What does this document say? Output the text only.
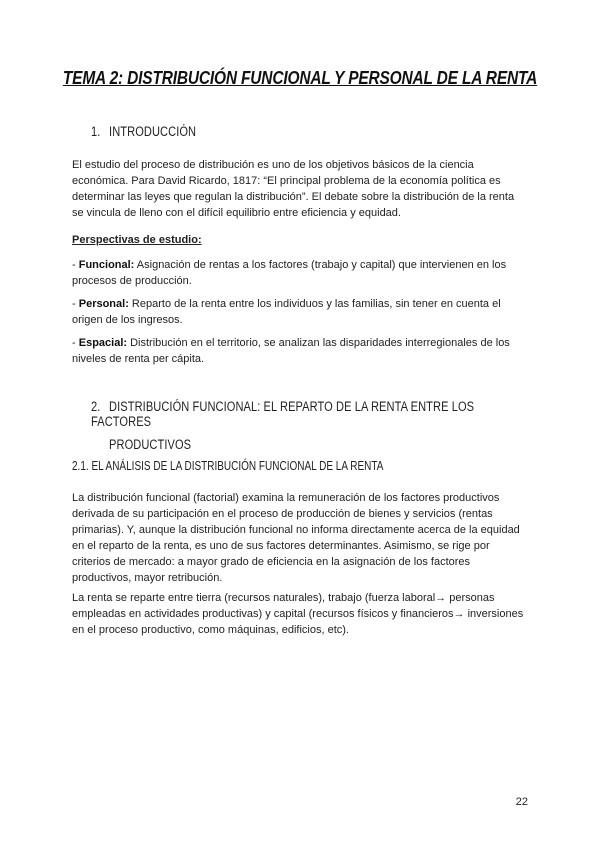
TEMA 2: DISTRIBUCIÓN FUNCIONAL Y PERSONAL DE LA RENTA
1. INTRODUCCIÓN

El estudio del proceso de distribución es uno de los objetivos básicos de la ciencia económica. Para David Ricardo, 1817: “El principal problema de la economía política es determinar las leyes que regulan la distribución”. El debate sobre la distribución de la renta se vincula de lleno con el difícil equilibrio entre eficiencia y equidad.

Perspectivas de estudio:

- Funcional: Asignación de rentas a los factores (trabajo y capital) que intervienen en los procesos de producción.

- Personal: Reparto de la renta entre los individuos y las familias, sin tener en cuenta el origen de los ingresos.

- Espacial: Distribución en el territorio, se analizan las disparidades interregionales de los niveles de renta per cápita.

2. DISTRIBUCIÓN FUNCIONAL: EL REPARTO DE LA RENTA ENTRE LOS FACTORES
PRODUCTIVOS
2.1. EL ANÁLISIS DE LA DISTRIBUCIÓN FUNCIONAL DE LA RENTA

La distribución funcional (factorial) examina la remuneración de los factores productivos derivada de su participación en el proceso de producción de bienes y servicios (rentas primarias). Y, aunque la distribución funcional no informa directamente acerca de la equidad en el reparto de la renta, es uno de sus factores determinantes. Asimismo, se rige por criterios de mercado: a mayor grado de eficiencia en la asignación de los factores productivos, mayor retribución.

La renta se reparte entre tierra (recursos naturales), trabajo (fuerza laboral→ personas empleadas en actividades productivas) y capital (recursos físicos y financieros→ inversiones en el proceso productivo, como máquinas, edificios, etc).

22
